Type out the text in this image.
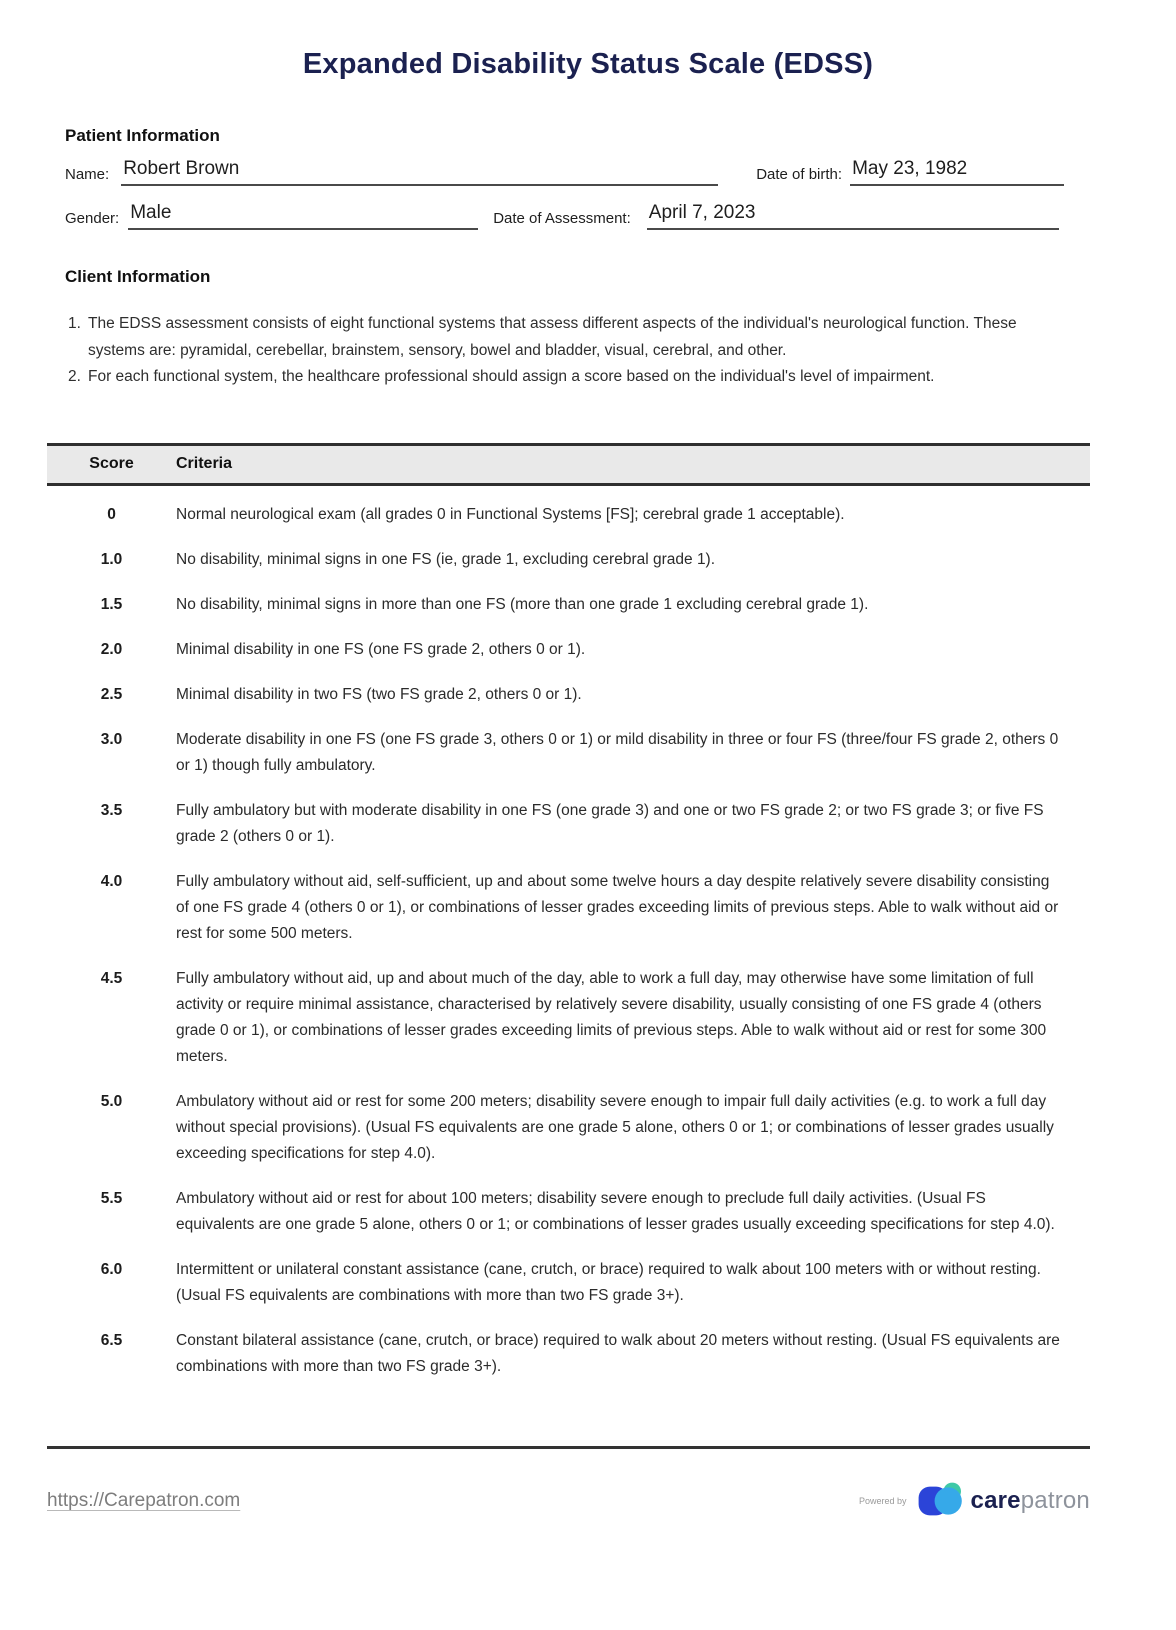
Expanded Disability Status Scale (EDSS)
Patient Information
Name: Robert Brown	Date of birth: May 23, 1982
Gender: Male	Date of Assessment: April 7, 2023
Client Information
1. The EDSS assessment consists of eight functional systems that assess different aspects of the individual's neurological function. These systems are: pyramidal, cerebellar, brainstem, sensory, bowel and bladder, visual, cerebral, and other.
2. For each functional system, the healthcare professional should assign a score based on the individual's level of impairment.
Score	Criteria
0	Normal neurological exam (all grades 0 in Functional Systems [FS]; cerebral grade 1 acceptable).
1.0	No disability, minimal signs in one FS (ie, grade 1, excluding cerebral grade 1).
1.5	No disability, minimal signs in more than one FS (more than one grade 1 excluding cerebral grade 1).
2.0	Minimal disability in one FS (one FS grade 2, others 0 or 1).
2.5	Minimal disability in two FS (two FS grade 2, others 0 or 1).
3.0	Moderate disability in one FS (one FS grade 3, others 0 or 1) or mild disability in three or four FS (three/four FS grade 2, others 0 or 1) though fully ambulatory.
3.5	Fully ambulatory but with moderate disability in one FS (one grade 3) and one or two FS grade 2; or two FS grade 3; or five FS grade 2 (others 0 or 1).
4.0	Fully ambulatory without aid, self-sufficient, up and about some twelve hours a day despite relatively severe disability consisting of one FS grade 4 (others 0 or 1), or combinations of lesser grades exceeding limits of previous steps. Able to walk without aid or rest for some 500 meters.
4.5	Fully ambulatory without aid, up and about much of the day, able to work a full day, may otherwise have some limitation of full activity or require minimal assistance, characterised by relatively severe disability, usually consisting of one FS grade 4 (others grade 0 or 1), or combinations of lesser grades exceeding limits of previous steps. Able to walk without aid or rest for some 300 meters.
5.0	Ambulatory without aid or rest for some 200 meters; disability severe enough to impair full daily activities (e.g. to work a full day without special provisions). (Usual FS equivalents are one grade 5 alone, others 0 or 1; or combinations of lesser grades usually exceeding specifications for step 4.0).
5.5	Ambulatory without aid or rest for about 100 meters; disability severe enough to preclude full daily activities. (Usual FS equivalents are one grade 5 alone, others 0 or 1; or combinations of lesser grades usually exceeding specifications for step 4.0).
6.0	Intermittent or unilateral constant assistance (cane, crutch, or brace) required to walk about 100 meters with or without resting. (Usual FS equivalents are combinations with more than two FS grade 3+).
6.5	Constant bilateral assistance (cane, crutch, or brace) required to walk about 20 meters without resting. (Usual FS equivalents are combinations with more than two FS grade 3+).
https://Carepatron.com	Powered by	carepatron
